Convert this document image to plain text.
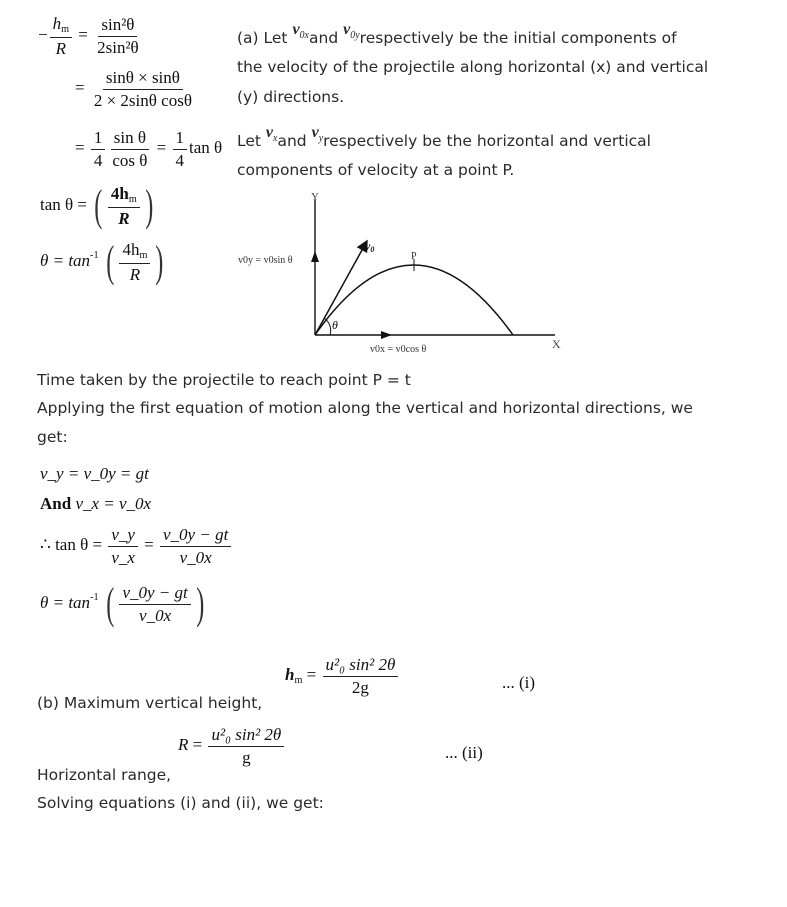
− $\frac{h_m}{R} = \frac{\text{sin²θ}}{\text{2sin²θ}}$
= $\frac{\sin\theta \times \sin\theta}{\text{2 × 2sinθ cosθ}}$
= $\frac{1}{4} \frac{\text{sin θ}}{\text{cos θ}} = \frac{1}{4}$ tan θ
tan θ = ( $\frac{4h_m}{R}$ )
$\theta = \tan^{-1}$ ( $\frac{4h_m}{R}$ )
(a) Let $v_{0x}and$ $v_{0y}respectively$ be the initial components of
the velocity of the projectile along horizontal (x) and vertical
(y) directions.
Let $v_xand$ $v_yrespectively$ be the horizontal and vertical
components of velocity at a point P.
Y
X
v0
P
θ
v0y = v0sin θ
v0x = v0cos θ
Time taken by the projectile to reach point P = t
Applying the first equation of motion along the vertical and horizontal directions, we
get:
v_y = v_0y = gt
And v_x = v_0x
∴ $\tan \theta = \frac{v\_y}{v\_x} = \frac{v\_0y - gt}{v\_0x}$
$\theta = \tan^{-1}$ ( $\frac{v\_0y - gt}{v\_0x}$ )
$h_m = \frac{\text{u²₀ sin² 2θ}}{2g}$	... (i)
(b) Maximum vertical height,
$R = \frac{\text{u²₀ sin² 2θ}}{g}$	... (ii)
Horizontal range,
Solving equations (i) and (ii), we get:
